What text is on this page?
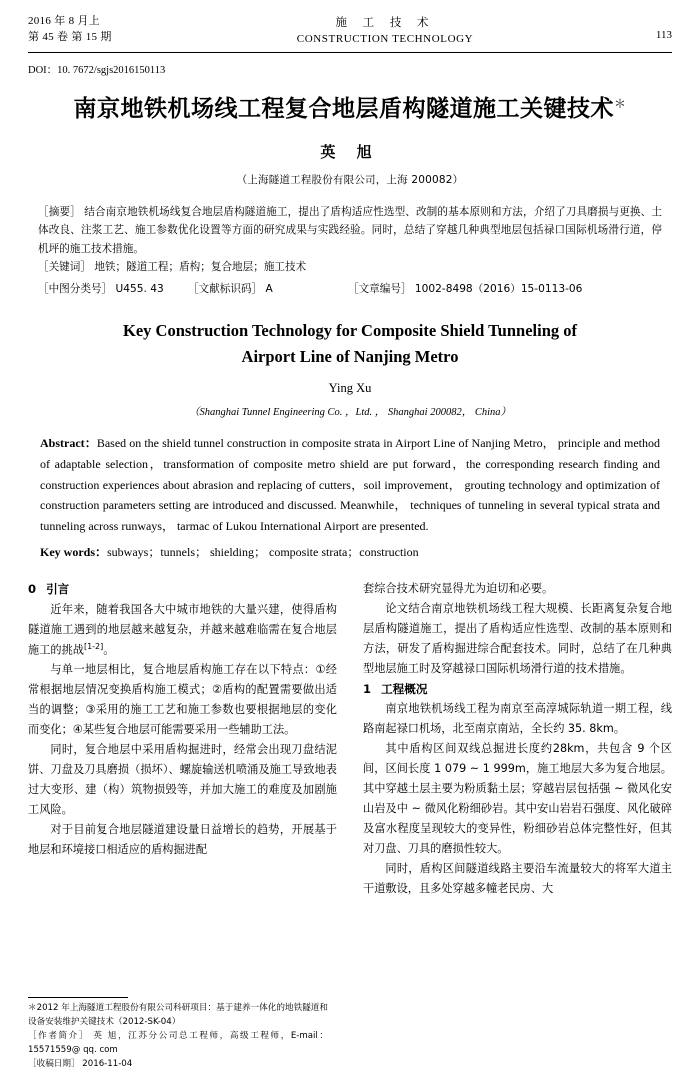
2016 年 8 月上
第 45 卷 第 15 期
施 工 技 术
CONSTRUCTION TECHNOLOGY	113
DOI：10. 7672/sgjs2016150113
南京地铁机场线工程复合地层盾构隧道施工关键技术＊
英 旭
（上海隧道工程股份有限公司，上海 200082）

［摘要］ 结合南京地铁机场线复合地层盾构隧道施工，提出了盾构适应性选型、改制的基本原则和方法，介绍了刀具磨损与更换、土体改良、注浆工艺、施工参数优化设置等方面的研究成果与实践经验。同时，总结了穿越几种典型地层包括禄口国际机场滑行道，停机坪的施工技术措施。

［关键词］ 地铁；隧道工程；盾构；复合地层；施工技术

［中图分类号］ U455. 43	［文献标识码］ A	［文章编号］ 1002-8498（2016）15-0113-06
Key Construction Technology for Composite Shield Tunneling of
Airport Line of Nanjing Metro
Ying Xu
（Shanghai Tunnel Engineering Co. ，Ltd. ， Shanghai 200082， China）
Abstract：Based on the shield tunnel construction in composite strata in Airport Line of Nanjing Metro， principle and method of adaptable selection，transformation of composite metro shield are put forward，the corresponding research finding and construction experiences about abrasion and replacing of cutters，soil improvement， grouting technology and optimization of construction parameters setting are introduced and discussed. Meanwhile， techniques of tunneling in several typical strata and tunneling across runways， tarmac of Lukou International Airport are presented.
Key words：subways；tunnels； shielding； composite strata；construction

0 引言

近年来，随着我国各大中城市地铁的大量兴建，使得盾构隧道施工遇到的地层越来越复杂，并越来越难临需在复合地层施工的挑战[1-2]。

与单一地层相比，复合地层盾构施工存在以下特点：①经常根据地层情况变换盾构施工模式；②盾构的配置需要做出适当的调整；③采用的施工工艺和施工参数也要根据地层的变化而变化；④某些复合地层可能需要采用一些辅助工法。

同时，复合地层中采用盾构掘进时，经常会出现刀盘结泥饼、刀盘及刀具磨损（损坏）、螺旋输送机喷涌及施工导致地表过大变形、建（构）筑物损毁等，并加大施工的难度及加剧施工风险。

对于目前复合地层隧道建设量日益增长的趋势，开展基于地层和环境接口相适应的盾构掘进配

套综合技术研究显得尤为迫切和必要。

论文结合南京地铁机场线工程大规模、长距离复杂复合地层盾构隧道施工，提出了盾构适应性选型、改制的基本原则和方法，研发了盾构掘进综合配套技术。同时，总结了在几种典型地层施工时及穿越禄口国际机场滑行道的技术措施。

1 工程概况

南京地铁机场线工程为南京至高淳城际轨道一期工程，线路南起禄口机场，北至南京南站，全长约 35. 8km。

其中盾构区间双线总掘进长度约28km，共包含 9 个区间，区间长度 1 079 ~ 1 999m，施工地层大多为复合地层。其中穿越土层主要为粉质黏土层；穿越岩层包括强 ~ 微风化安山岩及中 ~ 微风化粉细砂岩。其中安山岩岩石强度、风化破碎及富水程度呈现较大的变异性，粉细砂岩总体完整性好，但其对刀盘、刀具的磨损性较大。

同时，盾构区间隧道线路主要沿车流量较大的将军大道主干道敷设，且多处穿越多幢老民房、大

＊2012 年上海隧道工程股份有限公司科研项目：基于建养一体化的地铁隧道和设备安装维护关键技术（2012-SK-04）

［作者简介］ 英 旭，江苏分公司总工程师，高级工程师，E-mail：15571559@ qq. com

［收稿日期］ 2016-11-04
